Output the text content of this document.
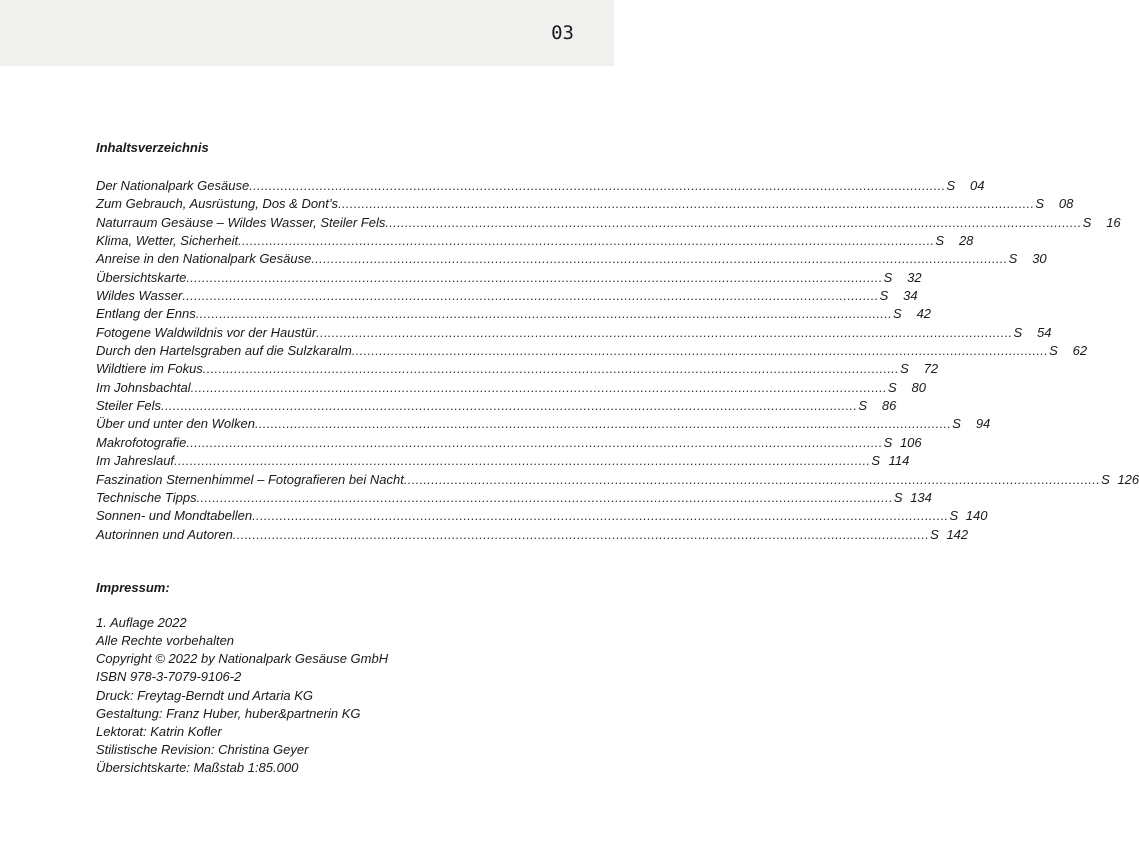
03
Inhaltsverzeichnis
Der Nationalpark Gesäuse .................................................................................................................................................................................. S	04
Zum Gebrauch, Ausrüstung, Dos & Dont’s .................................................................................................................................................................................. S	08
Naturraum Gesäuse – Wildes Wasser, Steiler Fels .................................................................................................................................................................................. S	16
Klima, Wetter, Sicherheit .................................................................................................................................................................................. S	28
Anreise in den Nationalpark Gesäuse .................................................................................................................................................................................. S	30
Übersichtskarte .................................................................................................................................................................................. S	32
Wildes Wasser .................................................................................................................................................................................. S	34
Entlang der Enns .................................................................................................................................................................................. S	42
Fotogene Waldwildnis vor der Haustür .................................................................................................................................................................................. S	54
Durch den Hartelsgraben auf die Sulzkaralm .................................................................................................................................................................................. S	62
Wildtiere im Fokus .................................................................................................................................................................................. S	72
Im Johnsbachtal .................................................................................................................................................................................. S	80
Steiler Fels .................................................................................................................................................................................. S	86
Über und unter den Wolken .................................................................................................................................................................................. S	94
Makrofotografie .................................................................................................................................................................................. S 106
Im Jahreslauf .................................................................................................................................................................................. S 114
Faszination Sternenhimmel – Fotografieren bei Nacht .................................................................................................................................................................................. S 126
Technische Tipps .................................................................................................................................................................................. S 134
Sonnen- und Mondtabellen .................................................................................................................................................................................. S 140
Autorinnen und Autoren .................................................................................................................................................................................. S 142
Impressum:
1. Auflage 2022
Alle Rechte vorbehalten
Copyright © 2022 by Nationalpark Gesäuse GmbH
ISBN 978-3-7079-9106-2
Druck: Freytag-Berndt und Artaria KG
Gestaltung: Franz Huber, huber&partnerin KG
Lektorat: Katrin Kofler
Stilistische Revision: Christina Geyer
Übersichtskarte: Maßstab 1:85.000
